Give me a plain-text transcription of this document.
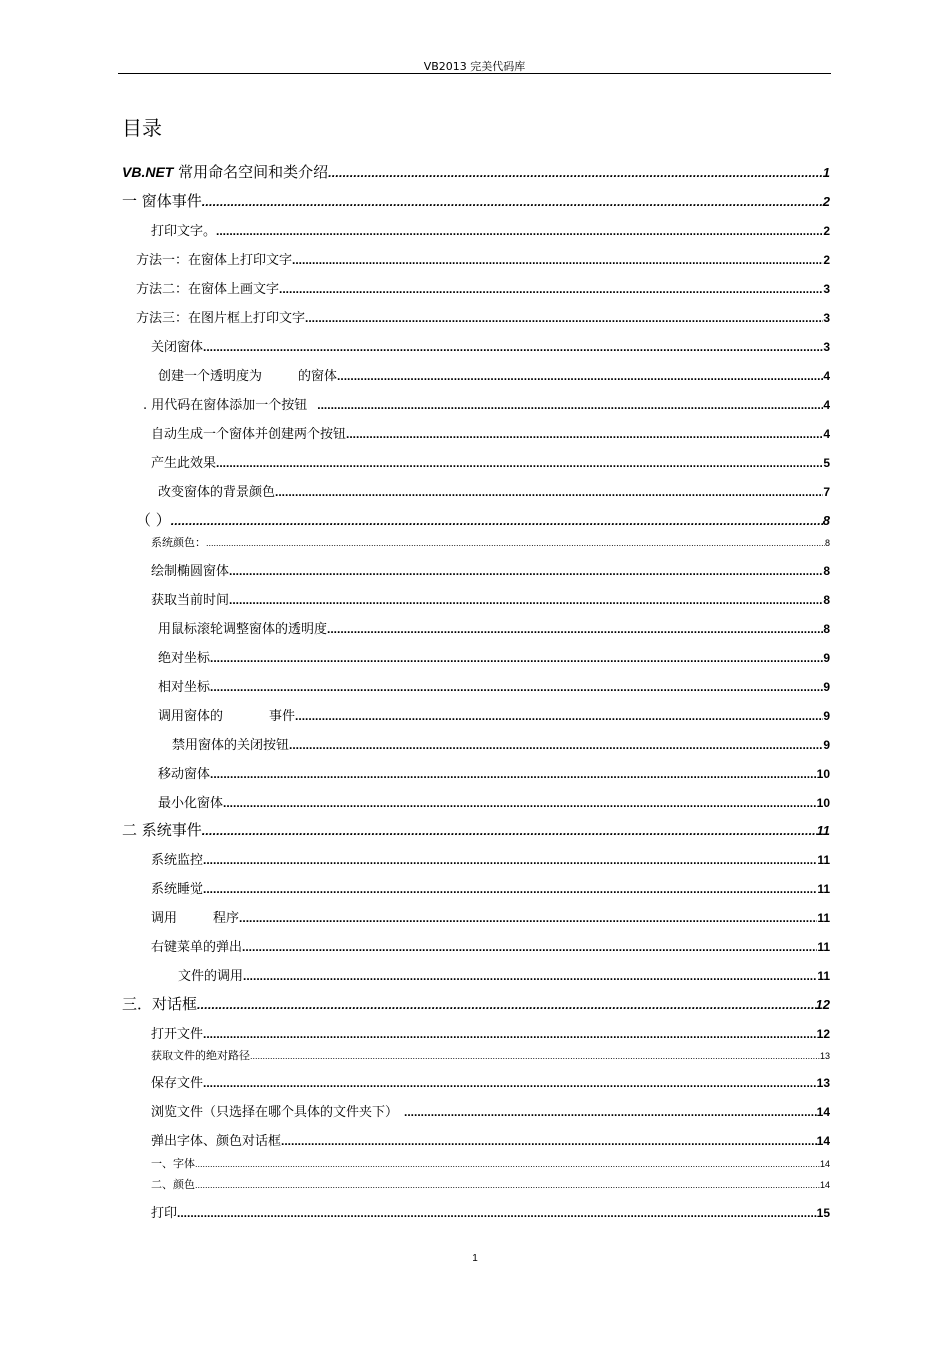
VB2013 完美代码库
目录
VB.NET 常用命名空间和类介绍 .....	1
一 窗体事件 .....	2
打印文字。 .....	2
方法一：在窗体上打印文字 .....	2
方法二：在窗体上画文字 .....	3
方法三：在图片框上打印文字 .....	3
关闭窗体 .....	3
创建一个透明度为	的窗体 .....	4
. 用代码在窗体添加一个按钮 .....	4
自动生成一个窗体并创建两个按钮 .....	4
产生此效果 .....	5
改变窗体的背景颜色 .....	7
（ ） .....	8
系统颜色： .....	8
绘制椭圆窗体 .....	8
获取当前时间 .....	8
用鼠标滚轮调整窗体的透明度 .....	8
绝对坐标 .....	9
相对坐标 .....	9
调用窗体的	事件 .....	9
禁用窗体的关闭按钮 .....	9
移动窗体 .....	10
最小化窗体 .....	10
二 系统事件 .....	11
系统监控 .....	11
系统睡觉 .....	11
调用	程序 .....	11
右键菜单的弹出 .....	11
文件的调用 .....	11
三．对话框 .....	12
打开文件 .....	12
获取文件的绝对路径 .....	13
保存文件 .....	13
浏览文件（只选择在哪个具体的文件夹下） .....	14
弹出字体、颜色对话框 .....	14
一、字体 .....	14
二、颜色 .....	14
打印 .....	15
1
